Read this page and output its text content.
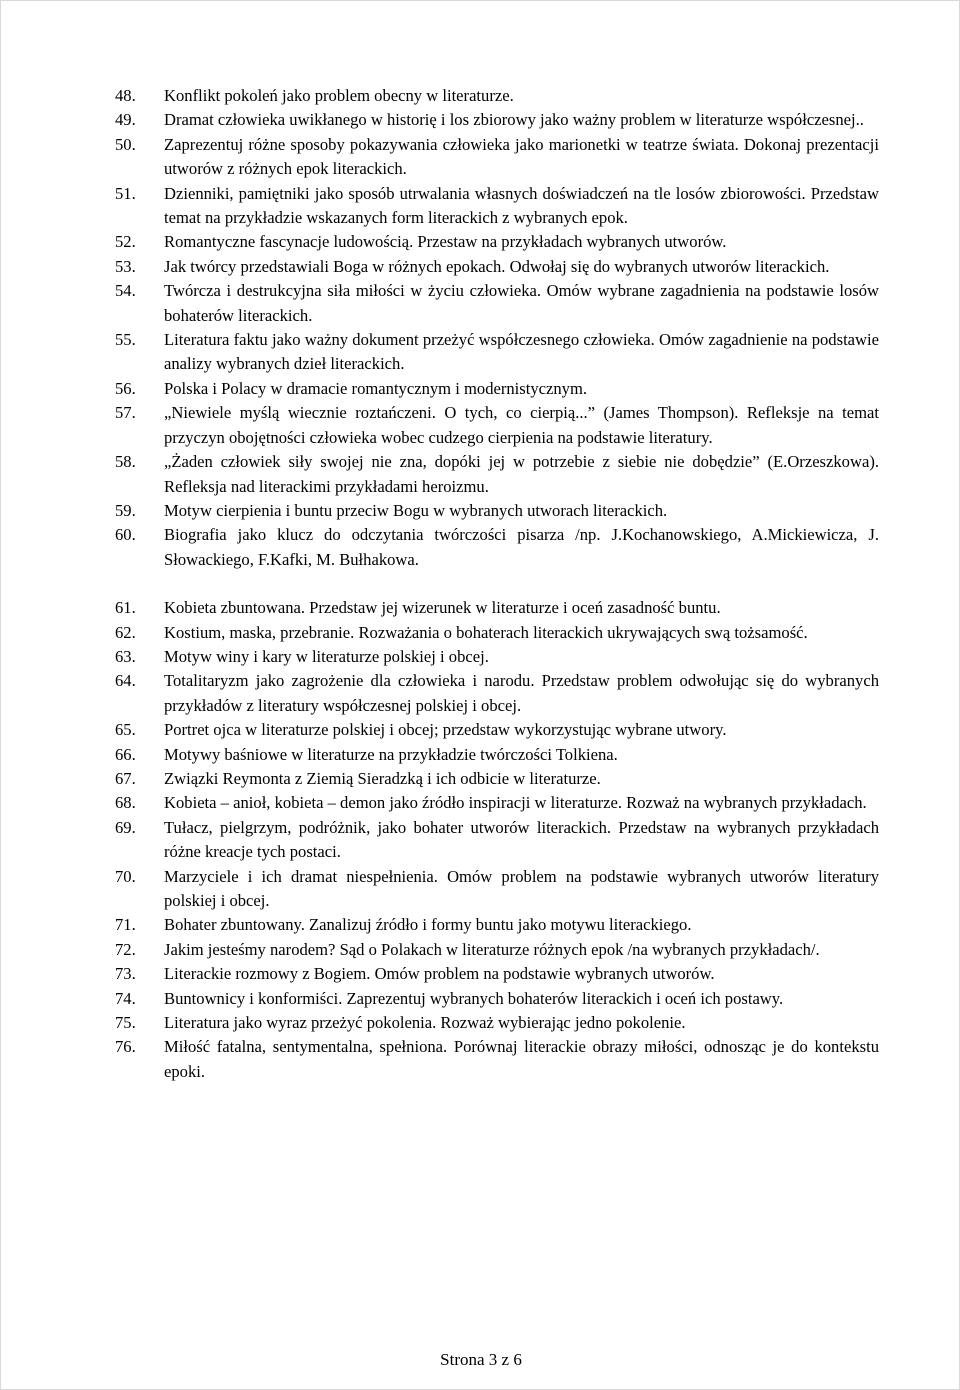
48.	Konflikt pokoleń jako problem obecny w literaturze.
49.	Dramat człowieka uwikłanego w historię i los zbiorowy jako ważny problem w literaturze współczesnej..
50.	Zaprezentuj różne sposoby pokazywania człowieka jako marionetki w teatrze świata. Dokonaj prezentacji utworów z różnych epok literackich.
51.	Dzienniki, pamiętniki jako sposób utrwalania własnych doświadczeń na tle losów zbiorowości. Przedstaw temat na przykładzie wskazanych form literackich z wybranych epok.
52.	Romantyczne fascynacje ludowością. Przestaw na przykładach wybranych utworów.
53.	Jak twórcy przedstawiali Boga w różnych epokach. Odwołaj się do wybranych utworów literackich.
54.	Twórcza i destrukcyjna siła miłości w życiu człowieka. Omów wybrane zagadnienia na podstawie losów bohaterów literackich.
55.	Literatura faktu jako ważny dokument przeżyć współczesnego człowieka. Omów zagadnienie na podstawie analizy wybranych dzieł literackich.
56.	Polska i Polacy w dramacie romantycznym i modernistycznym.
57.	„Niewiele myślą wiecznie roztańczeni. O tych, co cierpią...” (James Thompson). Refleksje na temat przyczyn obojętności człowieka wobec cudzego cierpienia na podstawie literatury.
58.	„Żaden człowiek siły swojej nie zna, dopóki jej w potrzebie z siebie nie dobędzie” (E.Orzeszkowa). Refleksja nad literackimi przykładami heroizmu.
59.	Motyw cierpienia i buntu przeciw Bogu w wybranych utworach literackich.
60.	Biografia jako klucz do odczytania twórczości pisarza /np. J.Kochanowskiego, A.Mickiewicza, J. Słowackiego, F.Kafki, M. Bułhakowa.
61.	Kobieta zbuntowana. Przedstaw jej wizerunek w literaturze i oceń zasadność buntu.
62.	Kostium, maska, przebranie. Rozważania o bohaterach literackich ukrywających swą tożsamość.
63.	Motyw winy i kary w literaturze polskiej i obcej.
64.	Totalitaryzm jako zagrożenie dla człowieka i narodu. Przedstaw problem odwołując się do wybranych przykładów z literatury współczesnej polskiej i obcej.
65.	Portret ojca w literaturze polskiej i obcej; przedstaw wykorzystując wybrane utwory.
66.	Motywy baśniowe w literaturze na przykładzie twórczości Tolkiena.
67.	Związki Reymonta z Ziemią Sieradzką i ich odbicie w literaturze.
68.	Kobieta – anioł, kobieta – demon jako źródło inspiracji w literaturze. Rozważ na wybranych przykładach.
69.	Tułacz, pielgrzym, podróżnik, jako bohater utworów literackich. Przedstaw na wybranych przykładach różne kreacje tych postaci.
70.	Marzyciele i ich dramat niespełnienia. Omów problem na podstawie wybranych utworów literatury polskiej i obcej.
71.	Bohater zbuntowany. Zanalizuj źródło i formy buntu jako motywu literackiego.
72.	Jakim jesteśmy narodem? Sąd o Polakach w literaturze różnych epok /na wybranych przykładach/.
73.	Literackie rozmowy z Bogiem. Omów problem na podstawie wybranych utworów.
74.	Buntownicy i konformiści. Zaprezentuj wybranych bohaterów literackich i oceń ich postawy.
75.	Literatura jako wyraz przeżyć pokolenia. Rozważ wybierając jedno pokolenie.
76.	Miłość fatalna, sentymentalna, spełniona. Porównaj literackie obrazy miłości, odnosząc je do kontekstu epoki.
Strona 3 z 6
